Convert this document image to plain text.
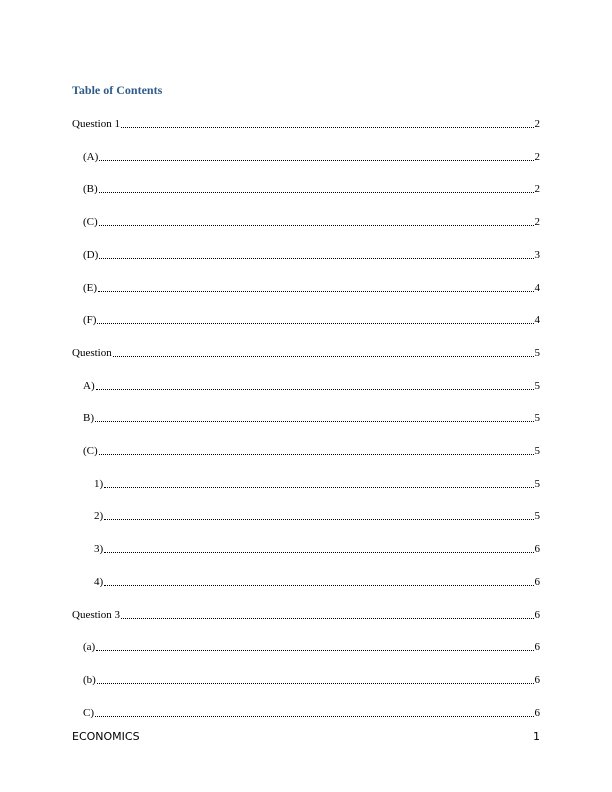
Table of Contents
Question 1	2
(A)	2
(B)	2
(C)	2
(D)	3
(E)	4
(F)	4
Question	5
A)	5
B)	5
(C)	5
1)	5
2)	5
3)	6
4)	6
Question 3	6
(a)	6
(b)	6
C)	6
ECONOMICS	1
